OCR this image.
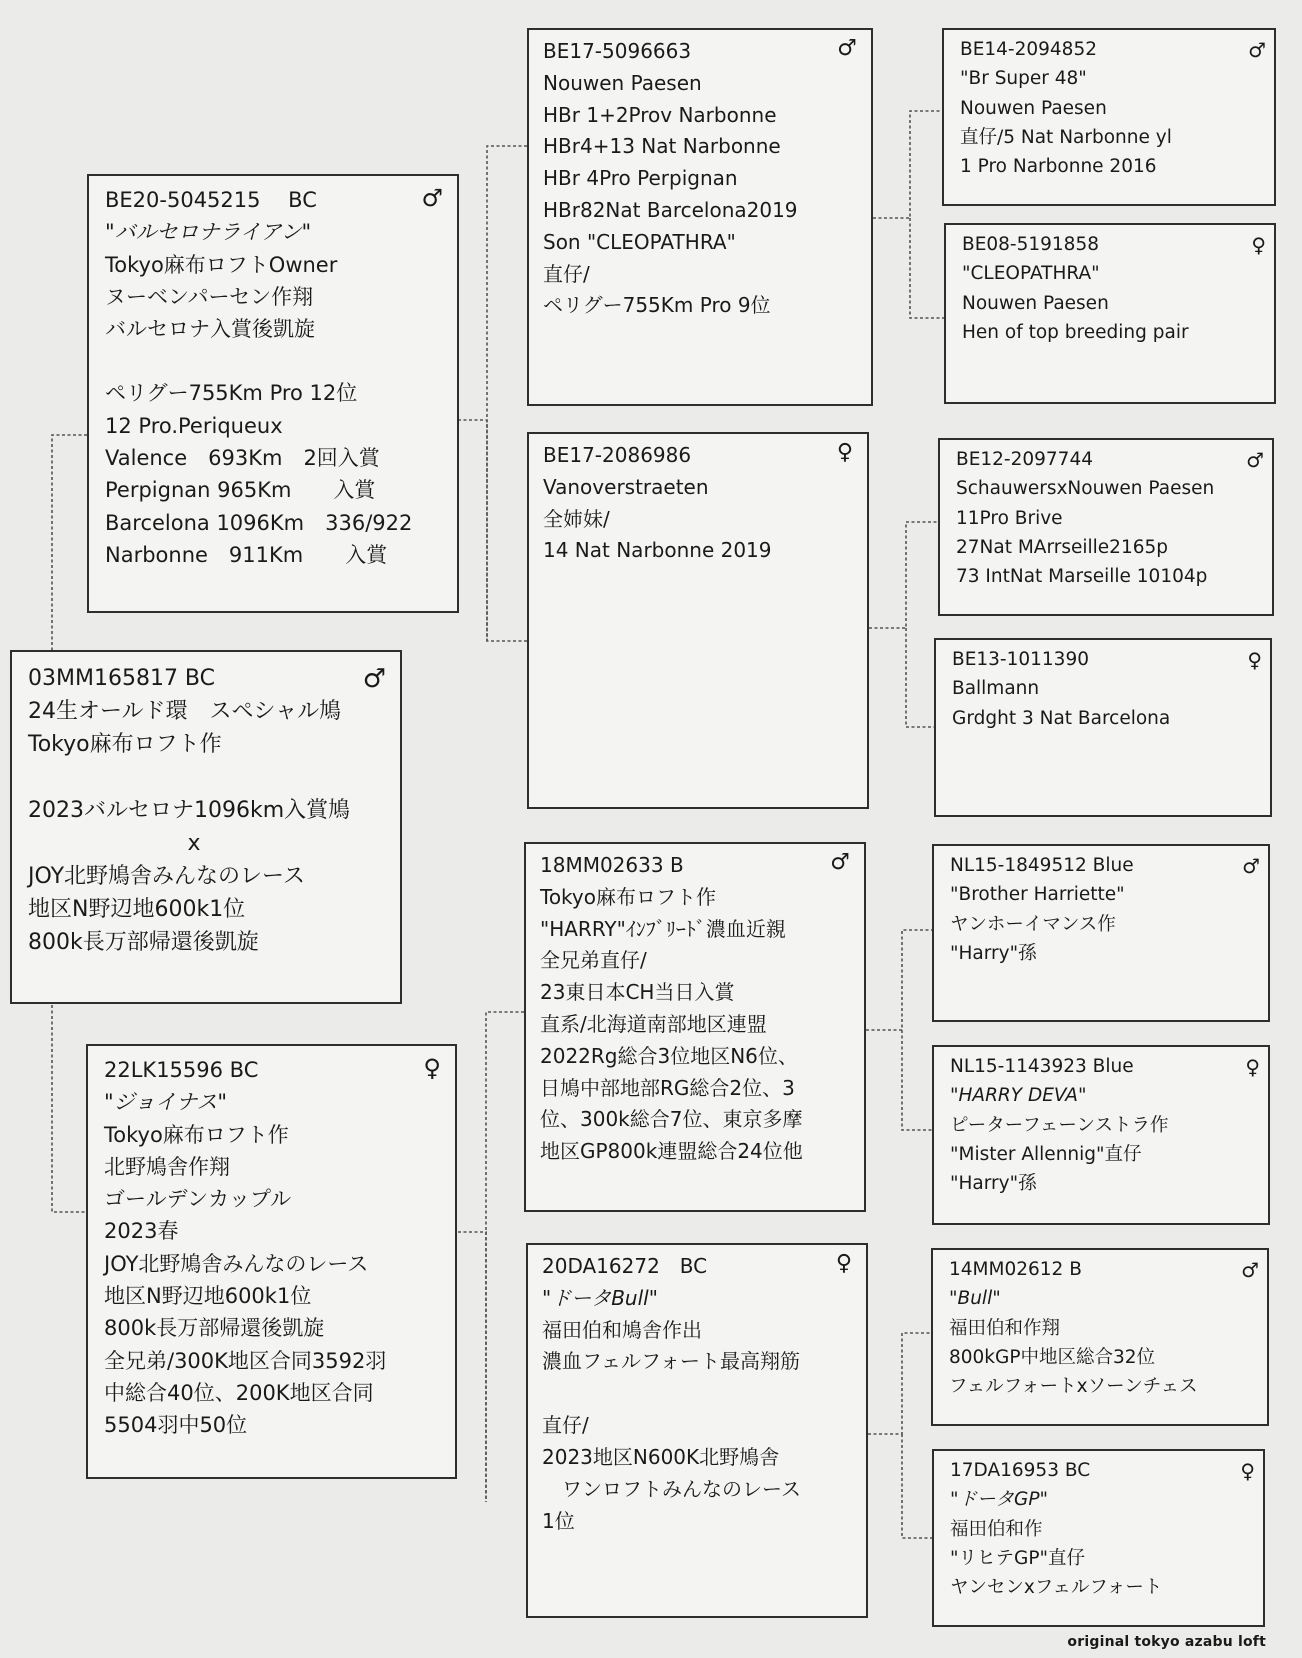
♂
03MM165817 BC
24生オールド環　スペシャル鳩
Tokyo麻布ロフト作
2023バルセロナ1096km入賞鳩
x
JOY北野鳩舎みんなのレース
地区N野辺地600k1位
800k長万部帰還後凱旋
♂
BE20-5045215　 BC
"バルセロナライアン"
Tokyo麻布ロフトOwner
ヌーベンパーセン作翔
バルセロナ入賞後凱旋
ペリグー755Km Pro 12位
12 Pro.Periqueux
Valence　693Km　2回入賞
Perpignan 965Km　　入賞
Barcelona 1096Km　336/922
Narbonne　911Km　　入賞
♀
22LK15596 BC
"ジョイナス"
Tokyo麻布ロフト作
北野鳩舎作翔
ゴールデンカップル
2023春
JOY北野鳩舎みんなのレース
地区N野辺地600k1位
800k長万部帰還後凱旋
全兄弟/300K地区合同3592羽
中総合40位、200K地区合同
5504羽中50位
♂
BE17-5096663
Nouwen Paesen
HBr 1+2Prov Narbonne
HBr4+13 Nat Narbonne
HBr 4Pro Perpignan
HBr82Nat Barcelona2019
Son "CLEOPATHRA"
直仔/
ペリグー755Km Pro 9位
♀
BE17-2086986
Vanoverstraeten
全姉妹/
14 Nat Narbonne 2019
♂
18MM02633 B
Tokyo麻布ロフト作
"HARRY"ｲﾝﾌﾞﾘｰﾄﾞ濃血近親
全兄弟直仔/
23東日本CH当日入賞
直系/北海道南部地区連盟
2022Rg総合3位地区N6位、
日鳩中部地部RG総合2位、3
位、300k総合7位、東京多摩
地区GP800k連盟総合24位他
♀
20DA16272　BC
"ドータBull"
福田伯和鳩舎作出
濃血フェルフォート最高翔筋
直仔/
2023地区N600K北野鳩舎
　ワンロフトみんなのレース
1位
♂
BE14-2094852
"Br Super 48"
Nouwen Paesen
直仔/5 Nat Narbonne yl
1 Pro Narbonne 2016
♀
BE08-5191858
"CLEOPATHRA"
Nouwen Paesen
Hen of top breeding pair
♂
BE12-2097744
SchauwersxNouwen Paesen
11Pro Brive
27Nat MArrseille2165p
73 IntNat Marseille 10104p
♀
BE13-1011390
Ballmann
Grdght 3 Nat Barcelona
♂
NL15-1849512 Blue
"Brother Harriette"
ヤンホーイマンス作
"Harry"孫
♀
NL15-1143923 Blue
"HARRY DEVA"
ピーターフェーンストラ作
"Mister Allennig"直仔
"Harry"孫
♂
14MM02612 B
"Bull"
福田伯和作翔
800kGP中地区総合32位
フェルフォートxソーンチェス
♀
17DA16953 BC
"ドータGP"
福田伯和作
"リヒテGP"直仔
ヤンセンxフェルフォート
original tokyo azabu loft
